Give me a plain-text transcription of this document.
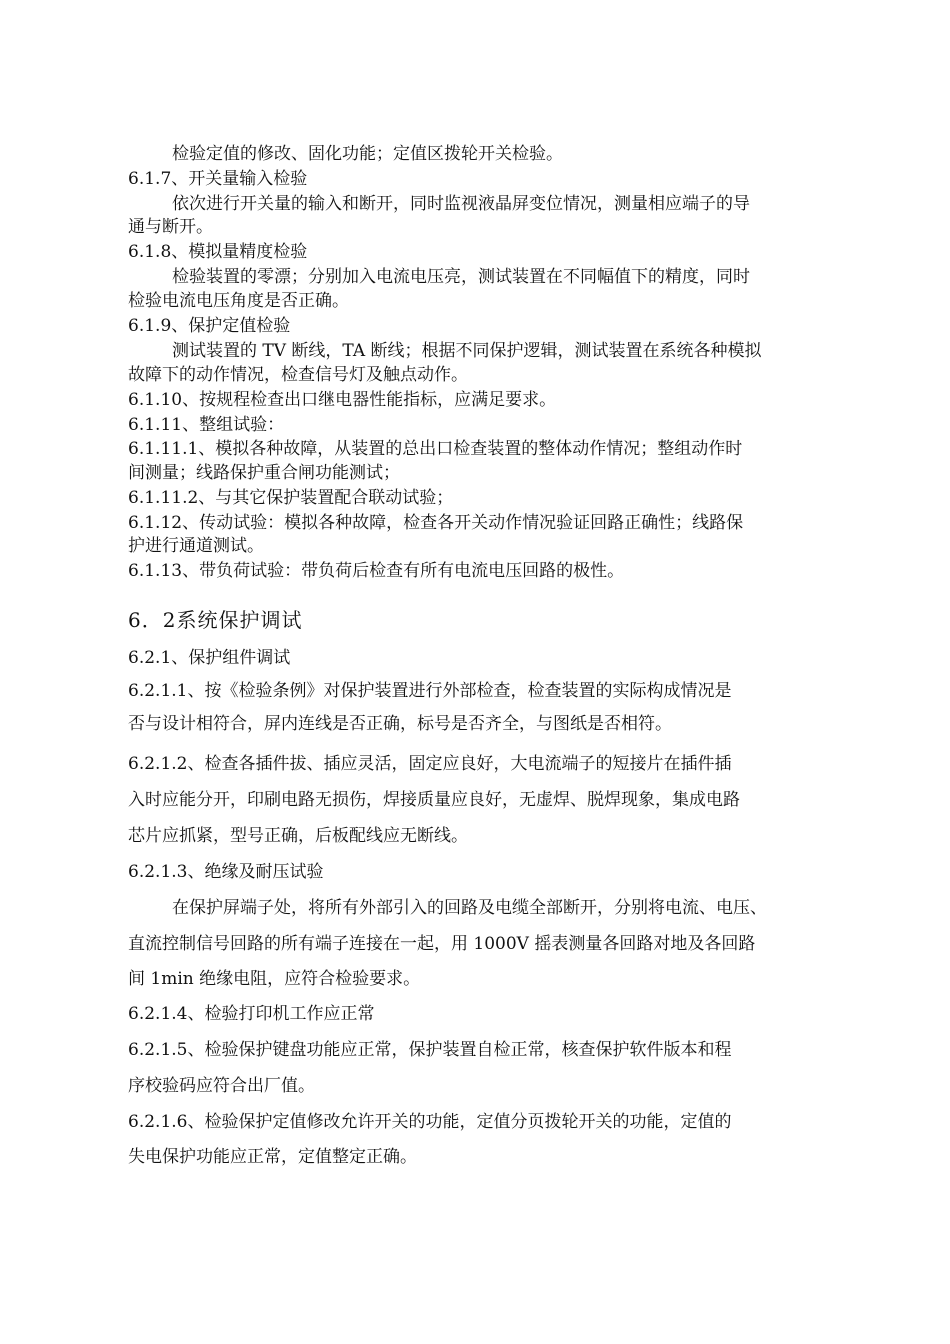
检验定值的修改、固化功能；定值区拨轮开关检验。
6.1.7、开关量输入检验
依次进行开关量的输入和断开，同时监视液晶屏变位情况，测量相应端子的导
通与断开。
6.1.8、模拟量精度检验
检验装置的零漂；分别加入电流电压亮，测试装置在不同幅值下的精度，同时
检验电流电压角度是否正确。
6.1.9、保护定值检验
测试装置的 TV 断线，TA 断线；根据不同保护逻辑，测试装置在系统各种模拟
故障下的动作情况，检查信号灯及触点动作。
6.1.10、按规程检查出口继电器性能指标，应满足要求。
6.1.11、整组试验：
6.1.11.1、模拟各种故障，从装置的总出口检查装置的整体动作情况；整组动作时
间测量；线路保护重合闸功能测试；
6.1.11.2、与其它保护装置配合联动试验；
6.1.12、传动试验：模拟各种故障，检查各开关动作情况验证回路正确性；线路保
护进行通道测试。
6.1.13、带负荷试验：带负荷后检查有所有电流电压回路的极性。
6．2系统保护调试
6.2.1、保护组件调试
6.2.1.1、按《检验条例》对保护装置进行外部检查，检查装置的实际构成情况是
否与设计相符合，屏内连线是否正确，标号是否齐全，与图纸是否相符。
6.2.1.2、检查各插件拔、插应灵活，固定应良好，大电流端子的短接片在插件插
入时应能分开，印刷电路无损伤，焊接质量应良好，无虚焊、脱焊现象，集成电路
芯片应抓紧，型号正确，后板配线应无断线。
6.2.1.3、绝缘及耐压试验
在保护屏端子处，将所有外部引入的回路及电缆全部断开，分别将电流、电压、
直流控制信号回路的所有端子连接在一起，用 1000V 摇表测量各回路对地及各回路
间 1min 绝缘电阻，应符合检验要求。
6.2.1.4、检验打印机工作应正常
6.2.1.5、检验保护键盘功能应正常，保护装置自检正常，核查保护软件版本和程
序校验码应符合出厂值。
6.2.1.6、检验保护定值修改允许开关的功能，定值分页拨轮开关的功能，定值的
失电保护功能应正常，定值整定正确。
